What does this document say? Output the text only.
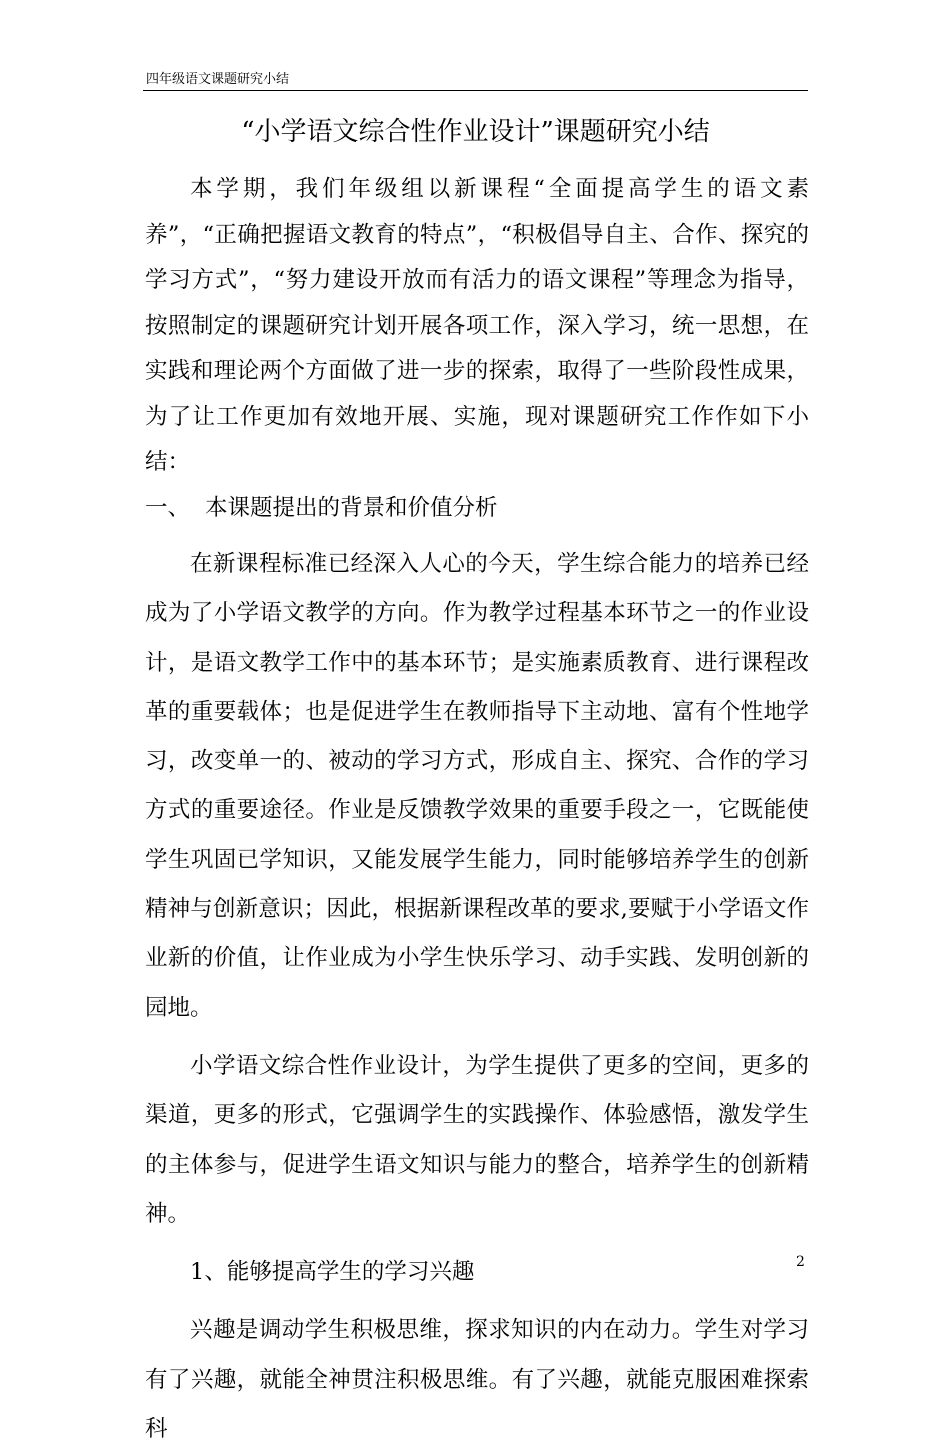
四年级语文课题研究小结
“小学语文综合性作业设计”课题研究小结

本学期，我们年级组以新课程“全面提高学生的语文素养”，“正确把握语文教育的特点”，“积极倡导自主、合作、探究的学习方式”，“努力建设开放而有活力的语文课程”等理念为指导，按照制定的课题研究计划开展各项工作，深入学习，统一思想，在实践和理论两个方面做了进一步的探索，取得了一些阶段性成果，为了让工作更加有效地开展、实施，现对课题研究工作作如下小结：

一、 本课题提出的背景和价值分析

在新课程标准已经深入人心的今天，学生综合能力的培养已经成为了小学语文教学的方向。作为教学过程基本环节之一的作业设计，是语文教学工作中的基本环节；是实施素质教育、进行课程改革的重要载体；也是促进学生在教师指导下主动地、富有个性地学习，改变单一的、被动的学习方式，形成自主、探究、合作的学习方式的重要途径。作业是反馈教学效果的重要手段之一，它既能使学生巩固已学知识，又能发展学生能力，同时能够培养学生的创新精神与创新意识；因此，根据新课程改革的要求,要赋于小学语文作业新的价值，让作业成为小学生快乐学习、动手实践、发明创新的园地。

小学语文综合性作业设计，为学生提供了更多的空间，更多的渠道，更多的形式，它强调学生的实践操作、体验感悟，激发学生的主体参与，促进学生语文知识与能力的整合，培养学生的创新精神。

1、能够提高学生的学习兴趣

兴趣是调动学生积极思维，探求知识的内在动力。学生对学习有了兴趣，就能全神贯注积极思维。有了兴趣，就能克服困难探索科

2
